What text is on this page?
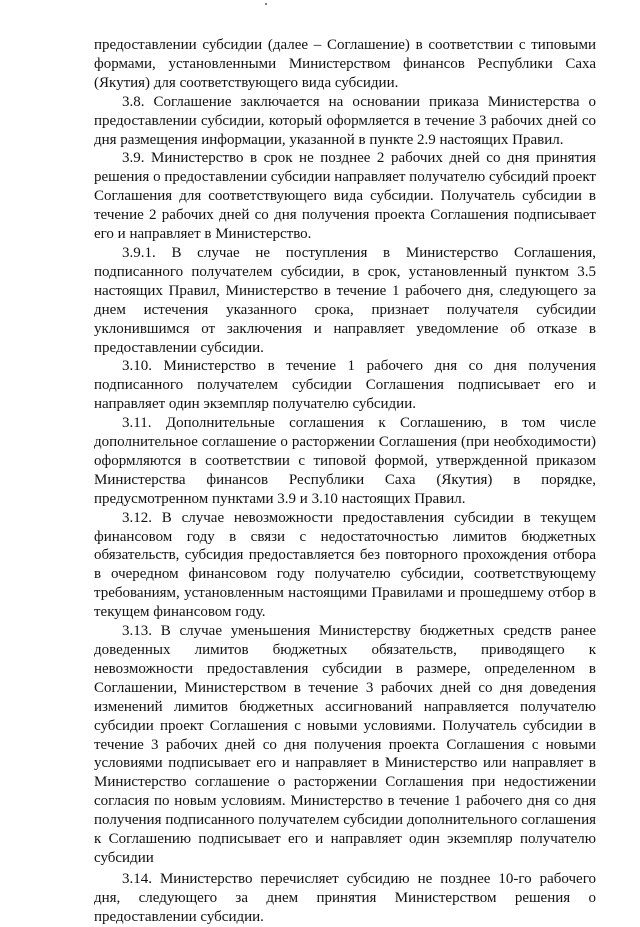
предоставлении субсидии (далее – Соглашение) в соответствии с типовыми формами, установленными Министерством финансов Республики Саха (Якутия) для соответствующего вида субсидии.

3.8. Соглашение заключается на основании приказа Министерства о предоставлении субсидии, который оформляется в течение 3 рабочих дней со дня размещения информации, указанной в пункте 2.9 настоящих Правил.

3.9. Министерство в срок не позднее 2 рабочих дней со дня принятия решения о предоставлении субсидии направляет получателю субсидий проект Соглашения для соответствующего вида субсидии. Получатель субсидии в течение 2 рабочих дней со дня получения проекта Соглашения подписывает его и направляет в Министерство.

3.9.1. В случае не поступления в Министерство Соглашения, подписанного получателем субсидии, в срок, установленный пунктом 3.5 настоящих Правил, Министерство в течение 1 рабочего дня, следующего за днем истечения указанного срока, признает получателя субсидии уклонившимся от заключения и направляет уведомление об отказе в предоставлении субсидии.

3.10. Министерство в течение 1 рабочего дня со дня получения подписанного получателем субсидии Соглашения подписывает его и направляет один экземпляр получателю субсидии.

3.11. Дополнительные соглашения к Соглашению, в том числе дополнительное соглашение о расторжении Соглашения (при необходимости) оформляются в соответствии с типовой формой, утвержденной приказом Министерства финансов Республики Саха (Якутия) в порядке, предусмотренном пунктами 3.9 и 3.10 настоящих Правил.

3.12. В случае невозможности предоставления субсидии в текущем финансовом году в связи с недостаточностью лимитов бюджетных обязательств, субсидия предоставляется без повторного прохождения отбора в очередном финансовом году получателю субсидии, соответствующему требованиям, установленным настоящими Правилами и прошедшему отбор в текущем финансовом году.

3.13. В случае уменьшения Министерству бюджетных средств ранее доведенных лимитов бюджетных обязательств, приводящего к невозможности предоставления субсидии в размере, определенном в Соглашении, Министерством в течение 3 рабочих дней со дня доведения изменений лимитов бюджетных ассигнований направляется получателю субсидии проект Соглашения с новыми условиями. Получатель субсидии в течение 3 рабочих дней со дня получения проекта Соглашения с новыми условиями подписывает его и направляет в Министерство или направляет в Министерство соглашение о расторжении Соглашения при недостижении согласия по новым условиям. Министерство в течение 1 рабочего дня со дня получения подписанного получателем субсидии дополнительного соглашения к Соглашению подписывает его и направляет один экземпляр получателю субсидии

3.14. Министерство перечисляет субсидию не позднее 10-го рабочего дня, следующего за днем принятия Министерством решения о предоставлении субсидии.
